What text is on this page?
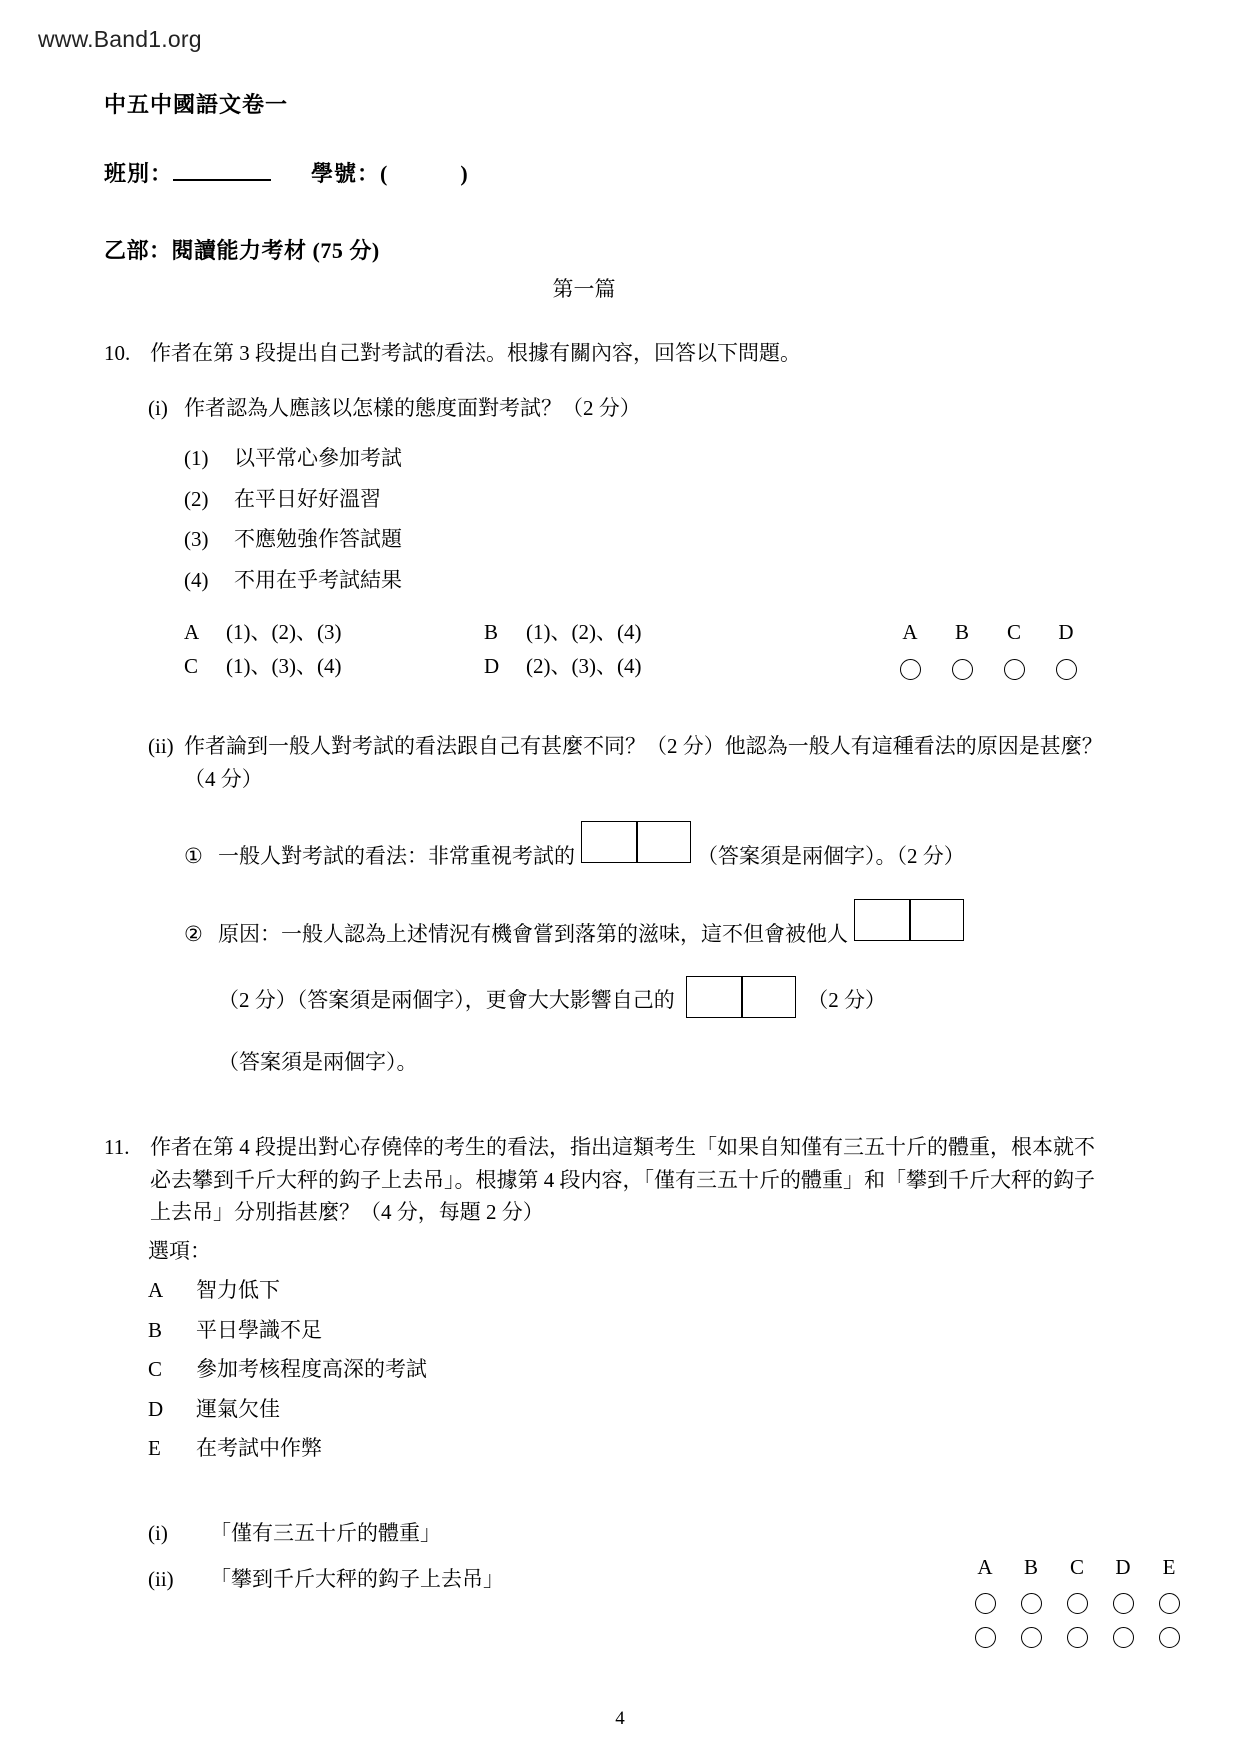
www.Band1.org
中五中國語文卷一
班別：	學號：(	)
乙部：閱讀能力考材 (75 分)
第一篇
10. 作者在第 3 段提出自己對考試的看法。根據有關內容，回答以下問題。
(i) 作者認為人應該以怎樣的態度面對考試？（2 分）
(1)	以平常心參加考試
(2)	在平日好好溫習
(3)	不應勉強作答試題
(4)	不用在乎考試結果
A (1)、(2)、(3)	B (1)、(2)、(4)
C (1)、(3)、(4)	D (2)、(3)、(4)
A	B	C	D
(ii) 作者論到一般人對考試的看法跟自己有甚麼不同？（2 分）他認為一般人有這種看法的原因是甚麼？（4 分）
① 一般人對考試的看法：非常重視考試的	（答案須是兩個字）。（2 分）
② 原因：一般人認為上述情況有機會嘗到落第的滋味，這不但會被他人
（2 分）（答案須是兩個字），更會大大影響自己的	（2 分）
（答案須是兩個字）。
11. 作者在第 4 段提出對心存僥倖的考生的看法，指出這類考生「如果自知僅有三五十斤的體重，根本就不必去攀到千斤大秤的鈎子上去吊」。根據第 4 段内容，「僅有三五十斤的體重」和「攀到千斤大秤的鈎子上去吊」分別指甚麼？（4 分，每題 2 分）
選項：
A	智力低下
B	平日學識不足
C	參加考核程度高深的考試
D	運氣欠佳
E	在考試中作弊
(i)	「僅有三五十斤的體重」
(ii)	「攀到千斤大秤的鈎子上去吊」
A	B	C	D	E
4
